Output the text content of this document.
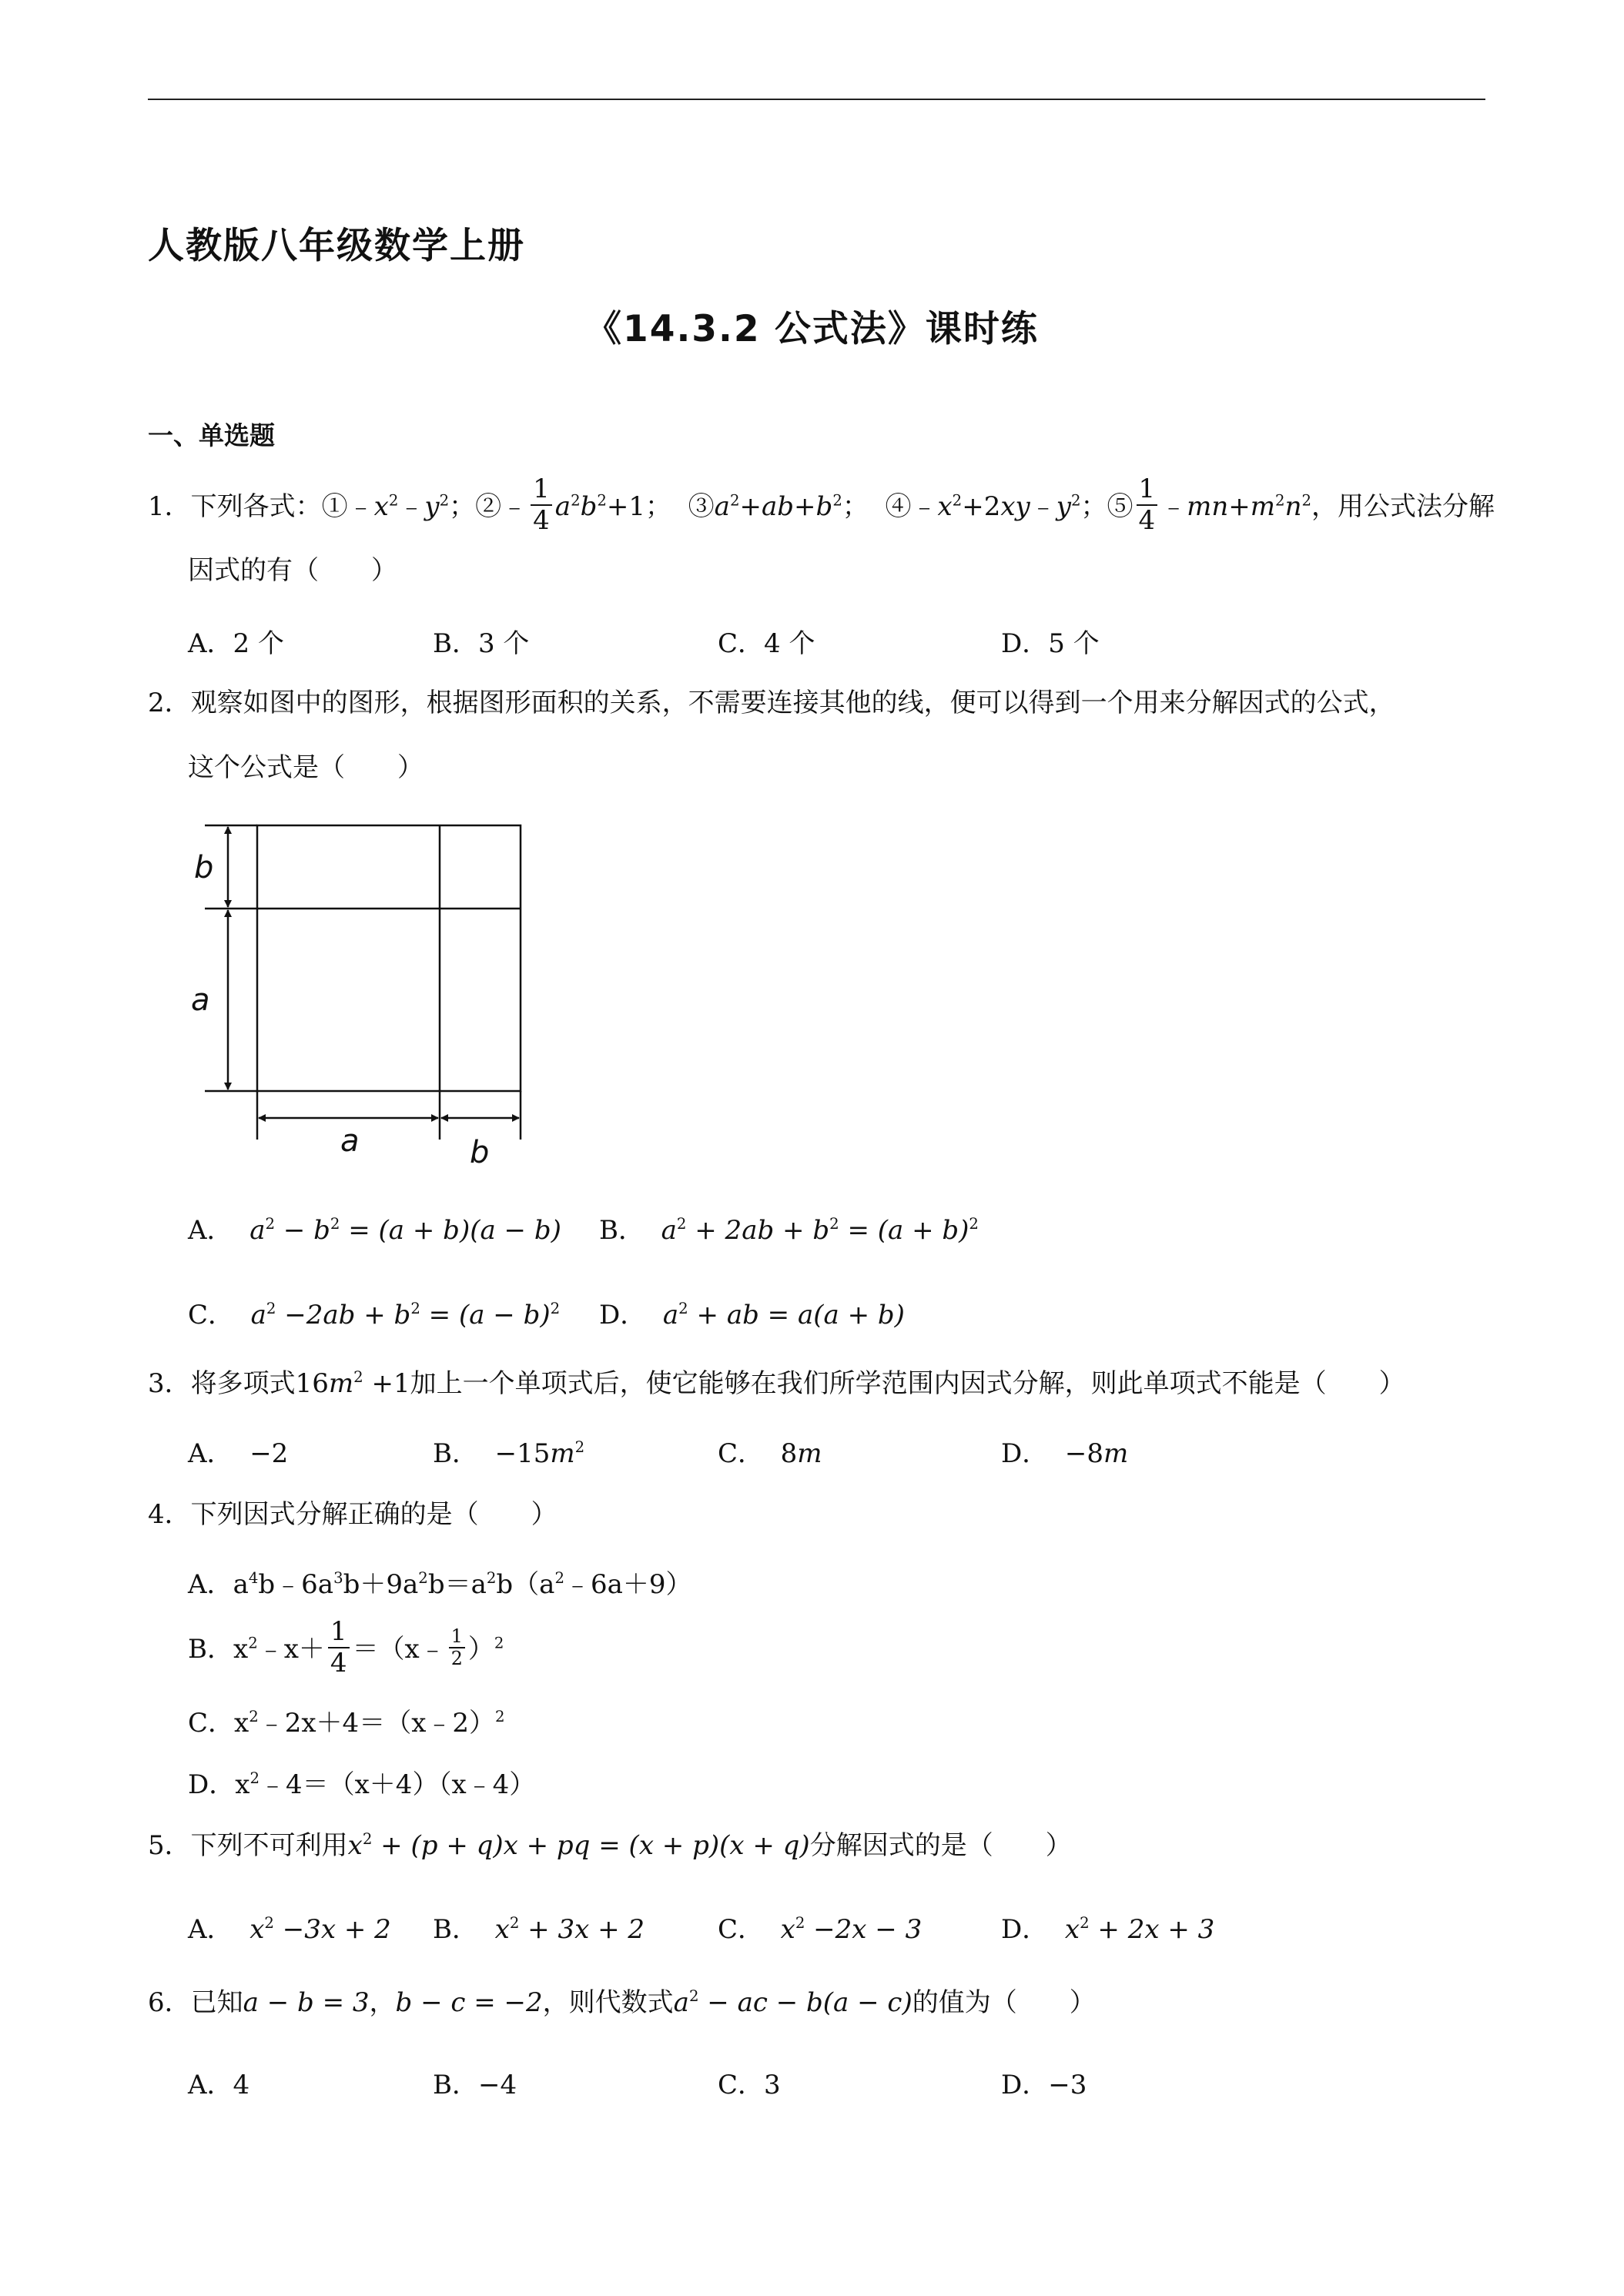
人教版八年级数学上册
《14.3.2 公式法》课时练
一、单选题
1．下列各式：$①﹣x^2﹣y^2$；②﹣ $\frac{1}{4} a^2b^2+1$； $③a^2+ab+b^2$； $④﹣x^2+2xy﹣y^2$；⑤ $\frac{1}{4}$ $﹣mn+m^2n^2$，用公式法分解
因式的有（　　）
A．2 个	B．3 个	C．4 个	D．5 个
2．观察如图中的图形，根据图形面积的关系，不需要连接其他的线，便可以得到一个用来分解因式的公式，
这个公式是（　　）
b
a
a	b
A． $a^2 - b^2 = (a + b)(a - b)$ B． $a^2 + 2ab + b^2 = (a + b)^2$
C． $a^2 -2ab + b^2 = (a - b)^2$ D． $a^2$ + ab = a(a + b)
3．将多项式$16m^2 +1$加上一个单项式后，使它能够在我们所学范围内因式分解，则此单项式不能是（　　）
A． −2	B． $-15m^2$	C． 8m	D． −8m
4．下列因式分解正确的是（　　）
A．$a^4b﹣6a^3b+9a^2b=a^2b(a^2﹣6a+9)$
B．$x^2﹣x+ \frac{1}{4}$ ＝（x﹣ $\frac{1}{2} )^2$
C．$x^2﹣2x+4=(x﹣2)^2$
D．$x^2﹣4=(x+4)(x﹣4)$
5．下列不可利用$x^2 + (p + q)x$ + pq = (x + p)(x + q)分解因式的是（　　）
A． $x^2 -3x + 2$ B． $x^2 + 3x + 2$	C． $x^2 -2x - 3$	D． $x^2 + 2x + 3$
6．已知a − b = 3，b − c = −2，则代数式$a^2$ − ac − b(a − c)的值为（　　）
A．4	B．−4	C．3	D．−3
